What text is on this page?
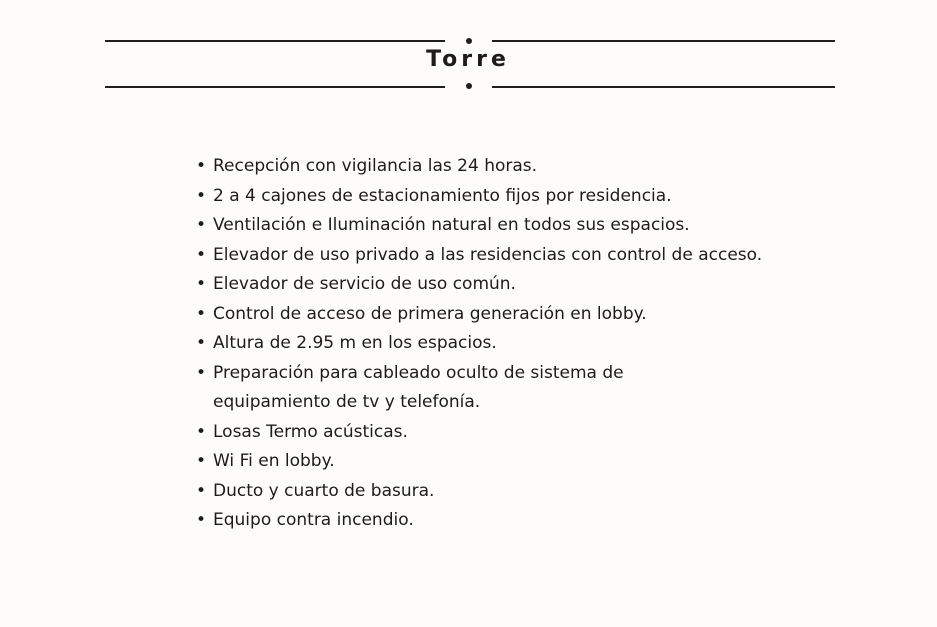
Torre
• Recepción con vigilancia las 24 horas.
• 2 a 4 cajones de estacionamiento fijos por residencia.
• Ventilación e Iluminación natural en todos sus espacios.
• Elevador de uso privado a las residencias con control de acceso.
• Elevador de servicio de uso común.
• Control de acceso de primera generación en lobby.
• Altura de 2.95 m en los espacios.
• Preparación para cableado oculto de sistema de
equipamiento de tv y telefonía.
• Losas Termo acústicas.
• Wi Fi en lobby.
• Ducto y cuarto de basura.
• Equipo contra incendio.
